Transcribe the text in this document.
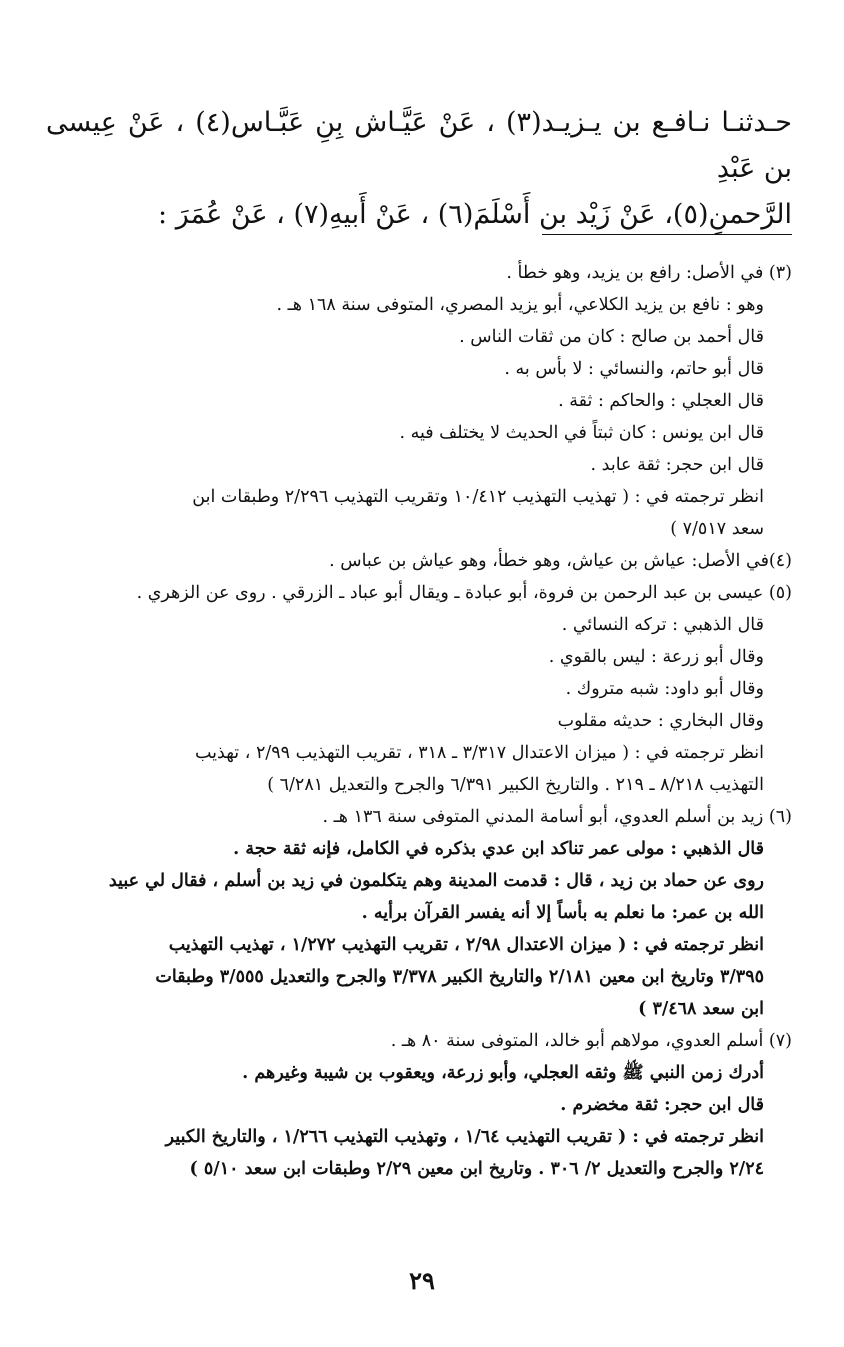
حـدثنـا نـافـع بن يـزيـد(٣) ، عَنْ عَيَّـاش بِنِ عَبَّـاس(٤) ، عَنْ عِيسى بن عَبْدِ

الرَّحمنِ(٥)، عَنْ زَيْد بن أَسْلَمَ(٦) ، عَنْ أَبيهِ(٧) ، عَنْ عُمَرَ :

(٣) في الأصل: رافع بن يزيد، وهو خطأ .

وهو : نافع بن يزيد الكلاعي، أبو يزيد المصري، المتوفى سنة ١٦٨ هـ .

قال أحمد بن صالح : كان من ثقات الناس .

قال أبو حاتم، والنسائي : لا بأس به .

قال العجلي : والحاكم : ثقة .

قال ابن يونس : كان ثبتاً في الحديث لا يختلف فيه .

قال ابن حجر: ثقة عابد .

انظر ترجمته في : ( تهذيب التهذيب ١٠/٤١٢ وتقريب التهذيب ٢/٢٩٦ وطبقات ابن

سعد ٧/٥١٧ )

(٤)في الأصل: عياش بن عياش، وهو خطأ، وهو عياش بن عباس .

(٥) عيسى بن عبد الرحمن بن فروة، أبو عبادة ـ ويقال أبو عباد ـ الزرقي . روى عن الزهري .

قال الذهبي : تركه النسائي .

وقال أبو زرعة : ليس بالقوي .

وقال أبو داود: شبه متروك .

وقال البخاري : حديثه مقلوب

انظر ترجمته في : ( ميزان الاعتدال ٣/٣١٧ ـ ٣١٨ ، تقريب التهذيب ٢/٩٩ ، تهذيب

التهذيب ٨/٢١٨ ـ ٢١٩ . والتاريخ الكبير ٦/٣٩١ والجرح والتعديل ٦/٢٨١ )

(٦) زيد بن أسلم العدوي، أبو أسامة المدني المتوفى سنة ١٣٦ هـ .

قال الذهبي : مولى عمر تناكد ابن عدي بذكره في الكامل، فإنه ثقة حجة .

روى عن حماد بن زيد ، قال : قدمت المدينة وهم يتكلمون في زيد بن أسلم ، فقال لي عبيد

الله بن عمر: ما نعلم به بأساً إلا أنه يفسر القرآن برأيه .

انظر ترجمته في : ( ميزان الاعتدال ٢/٩٨ ، تقريب التهذيب ١/٢٧٢ ، تهذيب التهذيب

٣/٣٩٥ وتاريخ ابن معين ٢/١٨١ والتاريخ الكبير ٣/٣٧٨ والجرح والتعديل ٣/٥٥٥ وطبقات

ابن سعد ٣/٤٦٨ )

(٧) أسلم العدوي، مولاهم أبو خالد، المتوفى سنة ٨٠ هـ .

أدرك زمن النبي ﷺ وثقه العجلي، وأبو زرعة، ويعقوب بن شيبة وغيرهم .

قال ابن حجر: ثقة مخضرم .

انظر ترجمته في : ( تقريب التهذيب ١/٦٤ ، وتهذيب التهذيب ١/٢٦٦ ، والتاريخ الكبير

٢/٢٤ والجرح والتعديل ٢/ ٣٠٦ . وتاريخ ابن معين ٢/٢٩ وطبقات ابن سعد ٥/١٠ )

٢٩
